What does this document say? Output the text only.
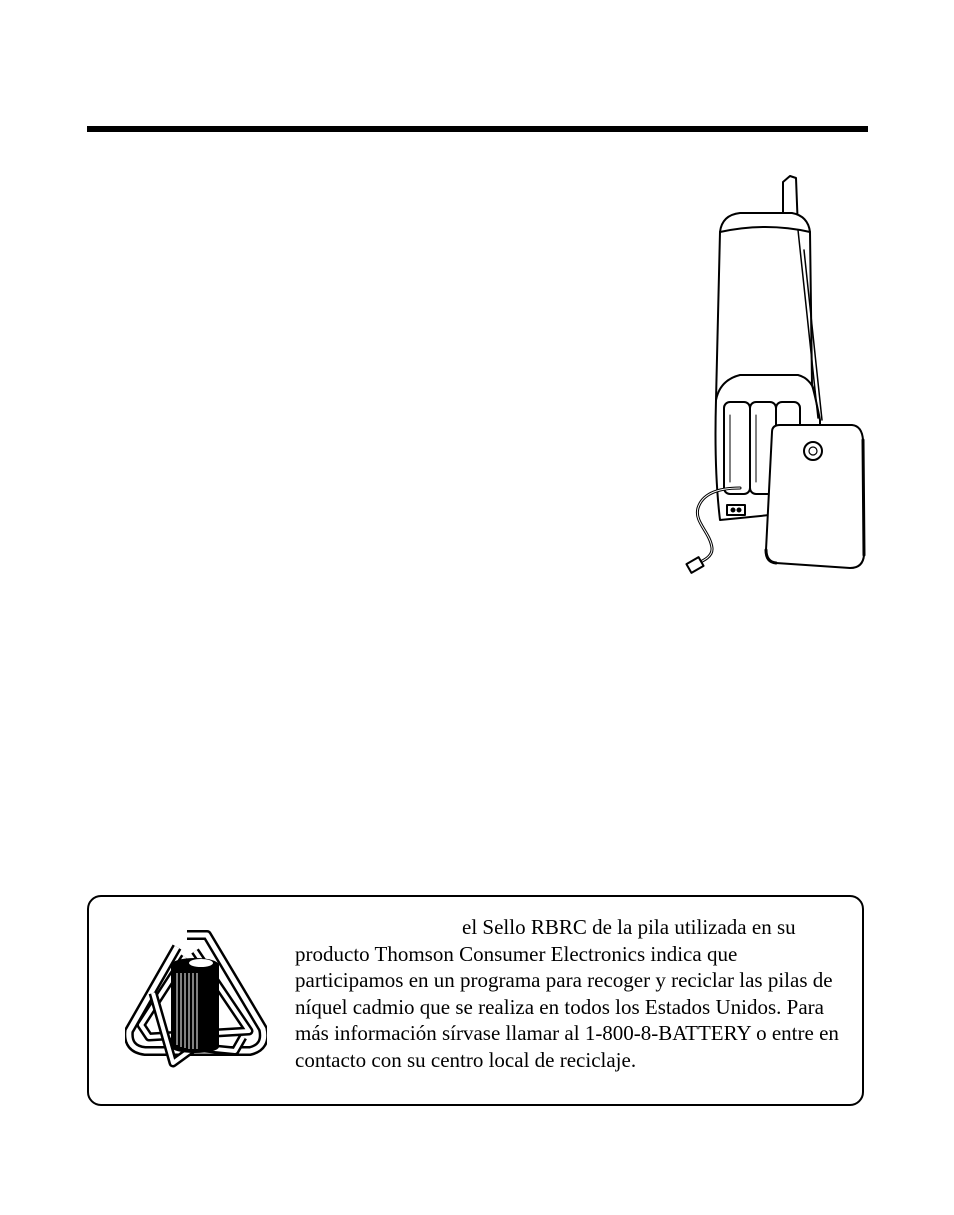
el Sello RBRC de la pila utilizada en su producto Thomson Consumer Electronics indica que participamos en un programa para recoger y reciclar las pilas de níquel cadmio que se realiza en todos los Estados Unidos. Para más información sírvase llamar al 1-800-8-BATTERY o entre en contacto con su centro local de reciclaje.
